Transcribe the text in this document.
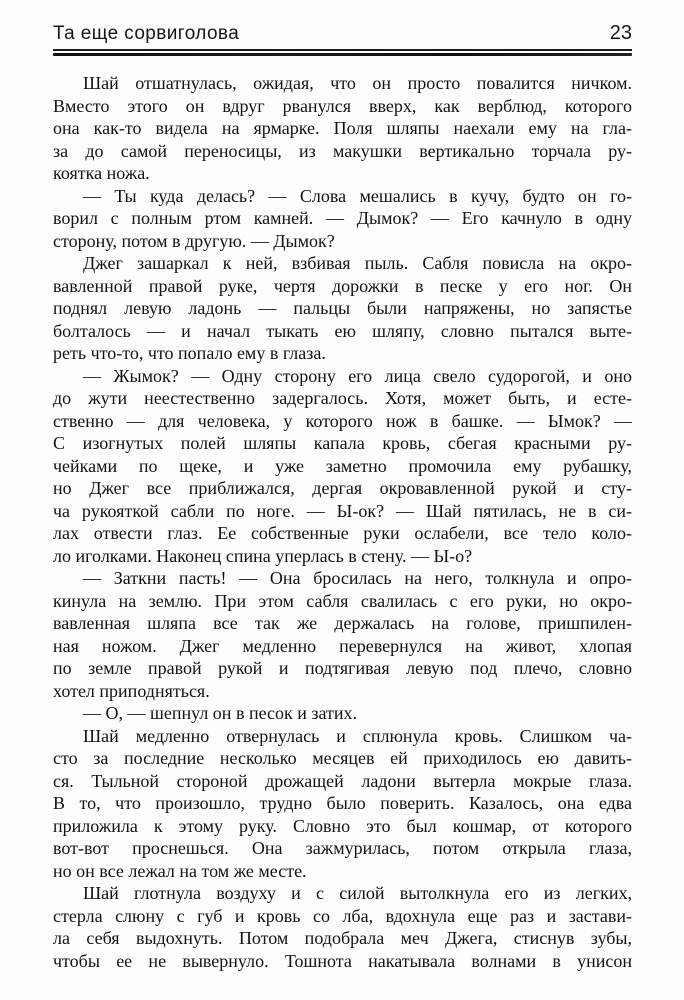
Та еще сорвиголова	23
Шай отшатнулась, ожидая, что он просто повалится ничком.
Вместо этого он вдруг рванулся вверх, как верблюд, которого
она как-то видела на ярмарке. Поля шляпы наехали ему на гла-
за до самой переносицы, из макушки вертикально торчала ру-
коятка ножа.
— Ты куда делась? — Слова мешались в кучу, будто он го-
ворил с полным ртом камней. — Дымок? — Его качнуло в одну
сторону, потом в другую. — Дымок?
Джег зашаркал к ней, взбивая пыль. Сабля повисла на окро-
вавленной правой руке, чертя дорожки в песке у его ног. Он
поднял левую ладонь — пальцы были напряжены, но запястье
болталось — и начал тыкать ею шляпу, словно пытался выте-
реть что-то, что попало ему в глаза.
— Жымок? — Одну сторону его лица свело судорогой, и оно
до жути неестественно задергалось. Хотя, может быть, и есте-
ственно — для человека, у которого нож в башке. — Ымок? —
С изогнутых полей шляпы капала кровь, сбегая красными ру-
чейками по щеке, и уже заметно промочила ему рубашку,
но Джег все приближался, дергая окровавленной рукой и сту-
ча рукояткой сабли по ноге. — Ы-ок? — Шай пятилась, не в си-
лах отвести глаз. Ее собственные руки ослабели, все тело коло-
ло иголками. Наконец спина уперлась в стену. — Ы-о?
— Заткни пасть! — Она бросилась на него, толкнула и опро-
кинула на землю. При этом сабля свалилась с его руки, но окро-
вавленная шляпа все так же держалась на голове, пришпилен-
ная ножом. Джег медленно перевернулся на живот, хлопая
по земле правой рукой и подтягивая левую под плечо, словно
хотел приподняться.
— О, — шепнул он в песок и затих.
Шай медленно отвернулась и сплюнула кровь. Слишком ча-
сто за последние несколько месяцев ей приходилось ею давить-
ся. Тыльной стороной дрожащей ладони вытерла мокрые глаза.
В то, что произошло, трудно было поверить. Казалось, она едва
приложила к этому руку. Словно это был кошмар, от которого
вот-вот проснешься. Она зажмурилась, потом открыла глаза,
но он все лежал на том же месте.
Шай глотнула воздуху и с силой вытолкнула его из легких,
стерла слюну с губ и кровь со лба, вдохнула еще раз и застави-
ла себя выдохнуть. Потом подобрала меч Джега, стиснув зубы,
чтобы ее не вывернуло. Тошнота накатывала волнами в унисон
